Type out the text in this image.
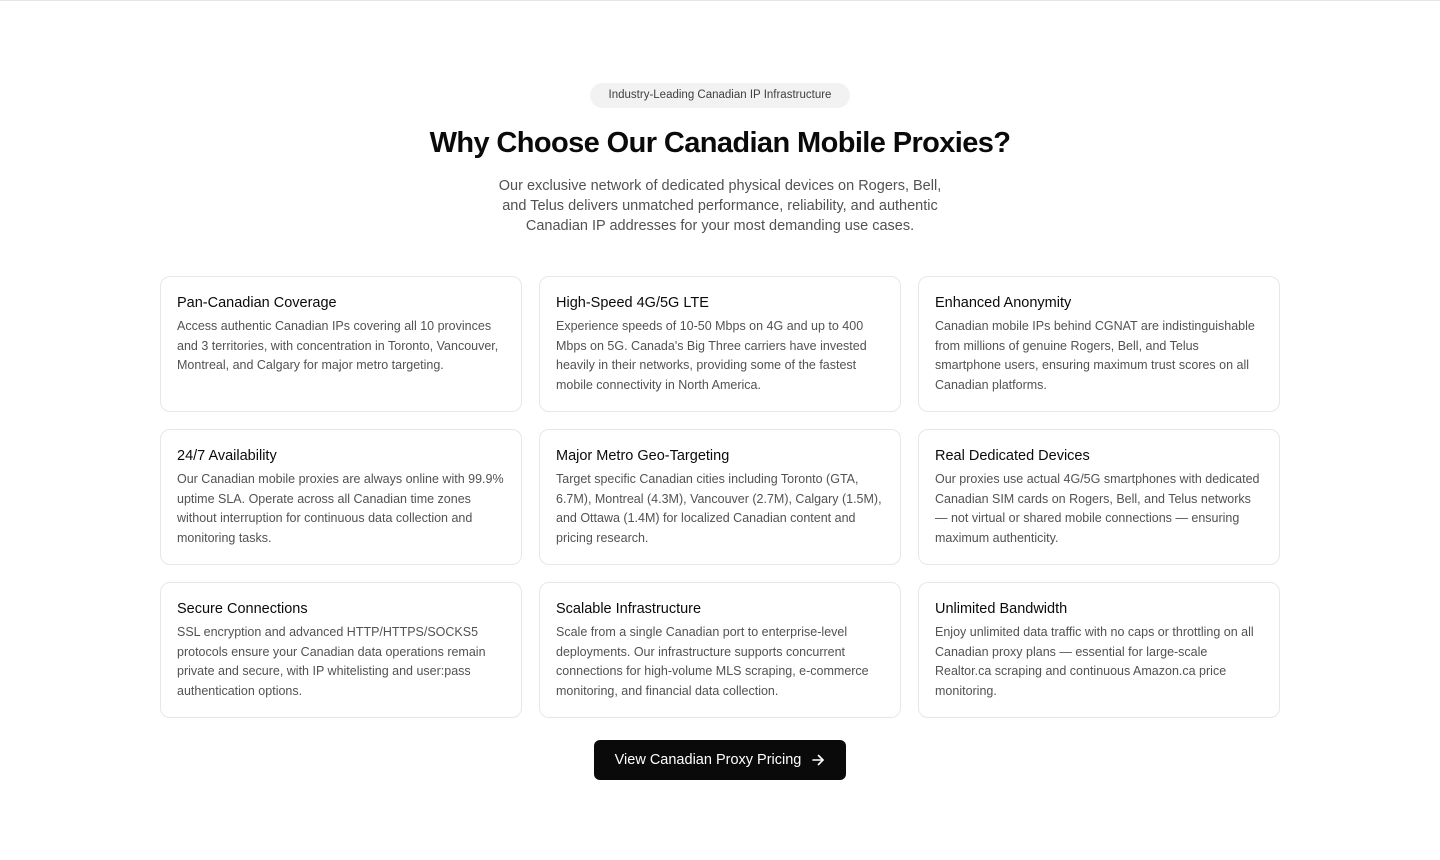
Industry-Leading Canadian IP Infrastructure
Why Choose Our Canadian Mobile Proxies?

Our exclusive network of dedicated physical devices on Rogers, Bell, and Telus delivers unmatched performance, reliability, and authentic Canadian IP addresses for your most demanding use cases.

Pan-Canadian Coverage
Access authentic Canadian IPs covering all 10 provinces and 3 territories, with concentration in Toronto, Vancouver, Montreal, and Calgary for major metro targeting.
High-Speed 4G/5G LTE
Experience speeds of 10-50 Mbps on 4G and up to 400 Mbps on 5G. Canada's Big Three carriers have invested heavily in their networks, providing some of the fastest mobile connectivity in North America.
Enhanced Anonymity
Canadian mobile IPs behind CGNAT are indistinguishable from millions of genuine Rogers, Bell, and Telus smartphone users, ensuring maximum trust scores on all Canadian platforms.
24/7 Availability
Our Canadian mobile proxies are always online with 99.9% uptime SLA. Operate across all Canadian time zones without interruption for continuous data collection and monitoring tasks.
Major Metro Geo-Targeting
Target specific Canadian cities including Toronto (GTA, 6.7M), Montreal (4.3M), Vancouver (2.7M), Calgary (1.5M), and Ottawa (1.4M) for localized Canadian content and pricing research.
Real Dedicated Devices
Our proxies use actual 4G/5G smartphones with dedicated Canadian SIM cards on Rogers, Bell, and Telus networks — not virtual or shared mobile connections — ensuring maximum authenticity.
Secure Connections
SSL encryption and advanced HTTP/HTTPS/SOCKS5 protocols ensure your Canadian data operations remain private and secure, with IP whitelisting and user:pass authentication options.
Scalable Infrastructure
Scale from a single Canadian port to enterprise-level deployments. Our infrastructure supports concurrent connections for high-volume MLS scraping, e-commerce monitoring, and financial data collection.
Unlimited Bandwidth
Enjoy unlimited data traffic with no caps or throttling on all Canadian proxy plans — essential for large-scale Realtor.ca scraping and continuous Amazon.ca price monitoring.
View Canadian Proxy Pricing
